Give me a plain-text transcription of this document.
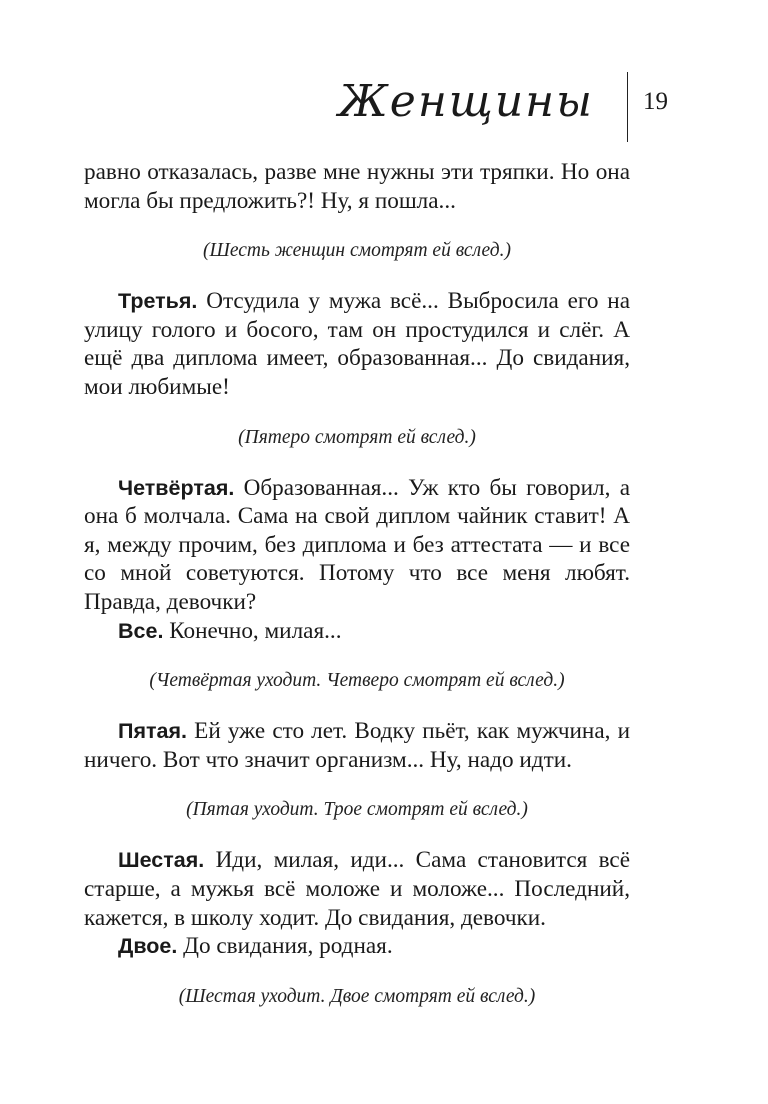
Женщины 19

равно отказалась, разве мне нужны эти тряпки. Но она могла бы предложить?! Ну, я пошла...

(Шесть женщин смотрят ей вслед.)

Третья. Отсудила у мужа всё... Выбросила его на улицу голого и босого, там он простудился и слёг. А ещё два диплома имеет, образованная... До свидания, мои любимые!

(Пятеро смотрят ей вслед.)

Четвёртая. Образованная... Уж кто бы говорил, а она б молчала. Сама на свой диплом чайник ставит! А я, между прочим, без диплома и без аттестата — и все со мной советуются. Потому что все меня любят. Правда, девочки?

Все. Конечно, милая...

(Четвёртая уходит. Четверо смотрят ей вслед.)

Пятая. Ей уже сто лет. Водку пьёт, как мужчина, и ничего. Вот что значит организм... Ну, надо идти.

(Пятая уходит. Трое смотрят ей вслед.)

Шестая. Иди, милая, иди... Сама становится всё старше, а мужья всё моложе и моложе... Последний, кажется, в школу ходит. До свидания, девочки.

Двое. До свидания, родная.

(Шестая уходит. Двое смотрят ей вслед.)
